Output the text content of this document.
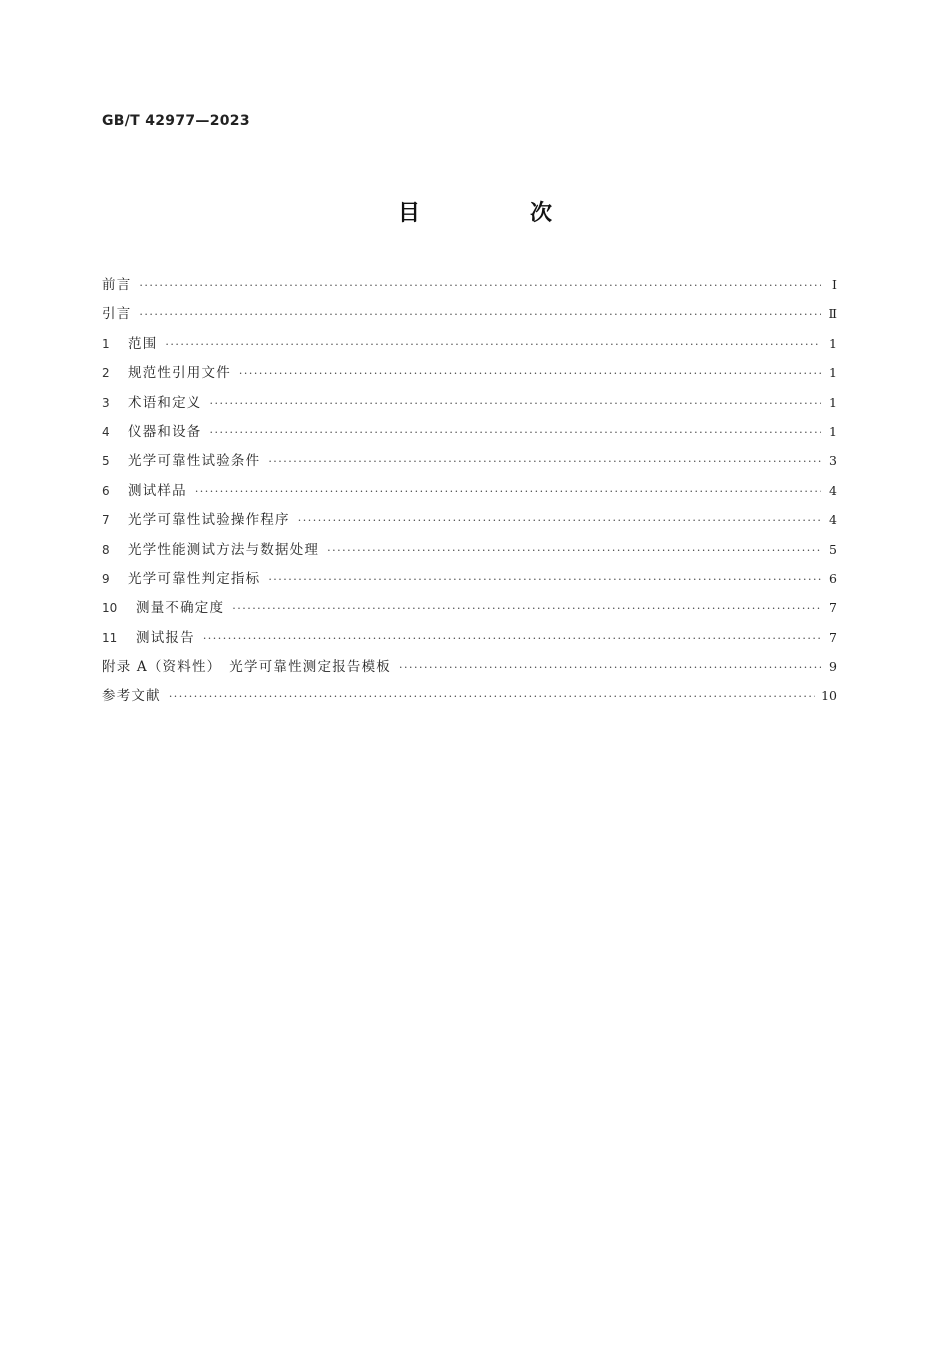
GB/T 42977—2023
目　次
前言 ·····	Ⅰ
引言 ·····	Ⅱ
1	范围 ·····	1
2	规范性引用文件 ·····	1
3	术语和定义 ·····	1
4	仪器和设备 ·····	1
5	光学可靠性试验条件 ·····	3
6	测试样品 ·····	4
7	光学可靠性试验操作程序 ·····	4
8	光学性能测试方法与数据处理 ·····	5
9	光学可靠性判定指标 ·····	6
10	测量不确定度 ·····	7
11	测试报告 ·····	7
附录 A（资料性）　光学可靠性测定报告模板 ·····	9
参考文献 ·····	10
